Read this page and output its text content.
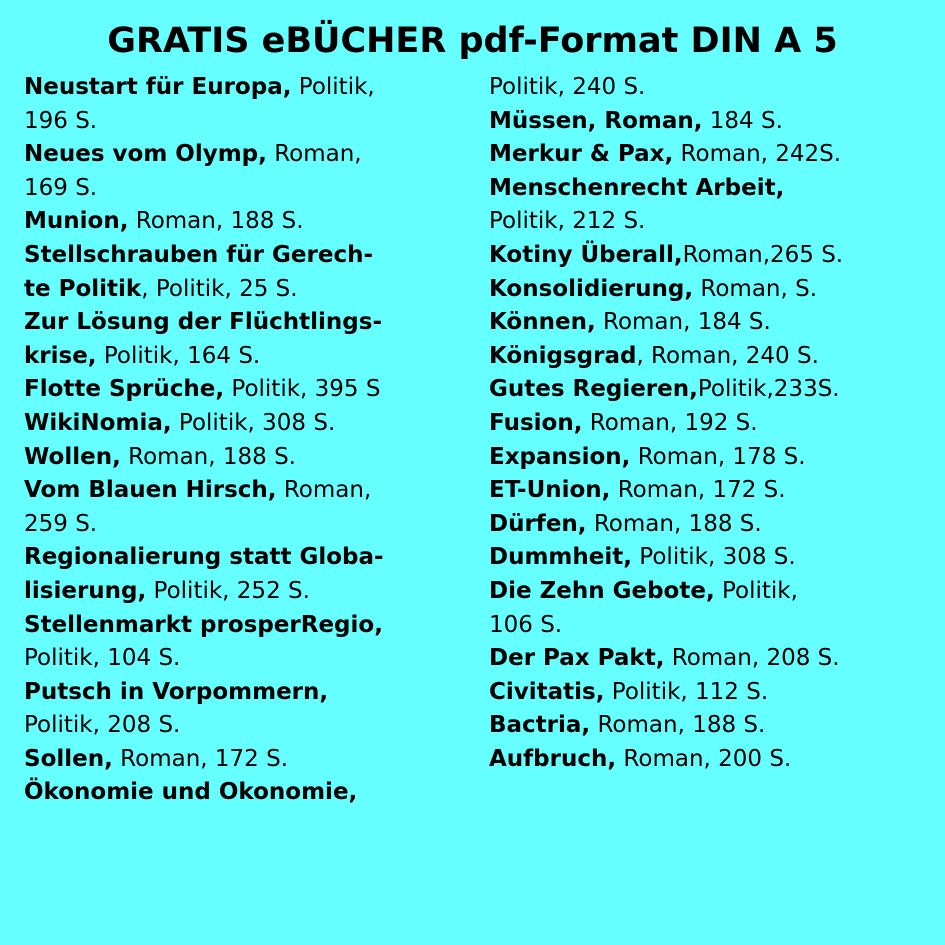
GRATIS eBÜCHER pdf-Format DIN A 5
Neustart für Europa, Politik,
196 S.
Neues vom Olymp, Roman,
169 S.
Munion, Roman, 188 S.
Stellschrauben für Gerech-
te Politik, Politik, 25 S.
Zur Lösung der Flüchtlings-
krise, Politik, 164 S.
Flotte Sprüche, Politik, 395 S
WikiNomia, Politik, 308 S.
Wollen, Roman, 188 S.
Vom Blauen Hirsch, Roman,
259 S.
Regionalierung statt Globa-
lisierung, Politik, 252 S.
Stellenmarkt prosperRegio,
Politik, 104 S.
Putsch in Vorpommern,
Politik, 208 S.
Sollen, Roman, 172 S.
Ökonomie und Okonomie,
Politik, 240 S.
Müssen, Roman, 184 S.
Merkur & Pax, Roman, 242S.
Menschenrecht Arbeit,
Politik, 212 S.
Kotiny Überall,Roman,265 S.
Konsolidierung, Roman, S.
Können, Roman, 184 S.
Königsgrad, Roman, 240 S.
Gutes Regieren,Politik,233S.
Fusion, Roman, 192 S.
Expansion, Roman, 178 S.
ET-Union, Roman, 172 S.
Dürfen, Roman, 188 S.
Dummheit, Politik, 308 S.
Die Zehn Gebote, Politik,
106 S.
Der Pax Pakt, Roman, 208 S.
Civitatis, Politik, 112 S.
Bactria, Roman, 188 S.
Aufbruch, Roman, 200 S.
